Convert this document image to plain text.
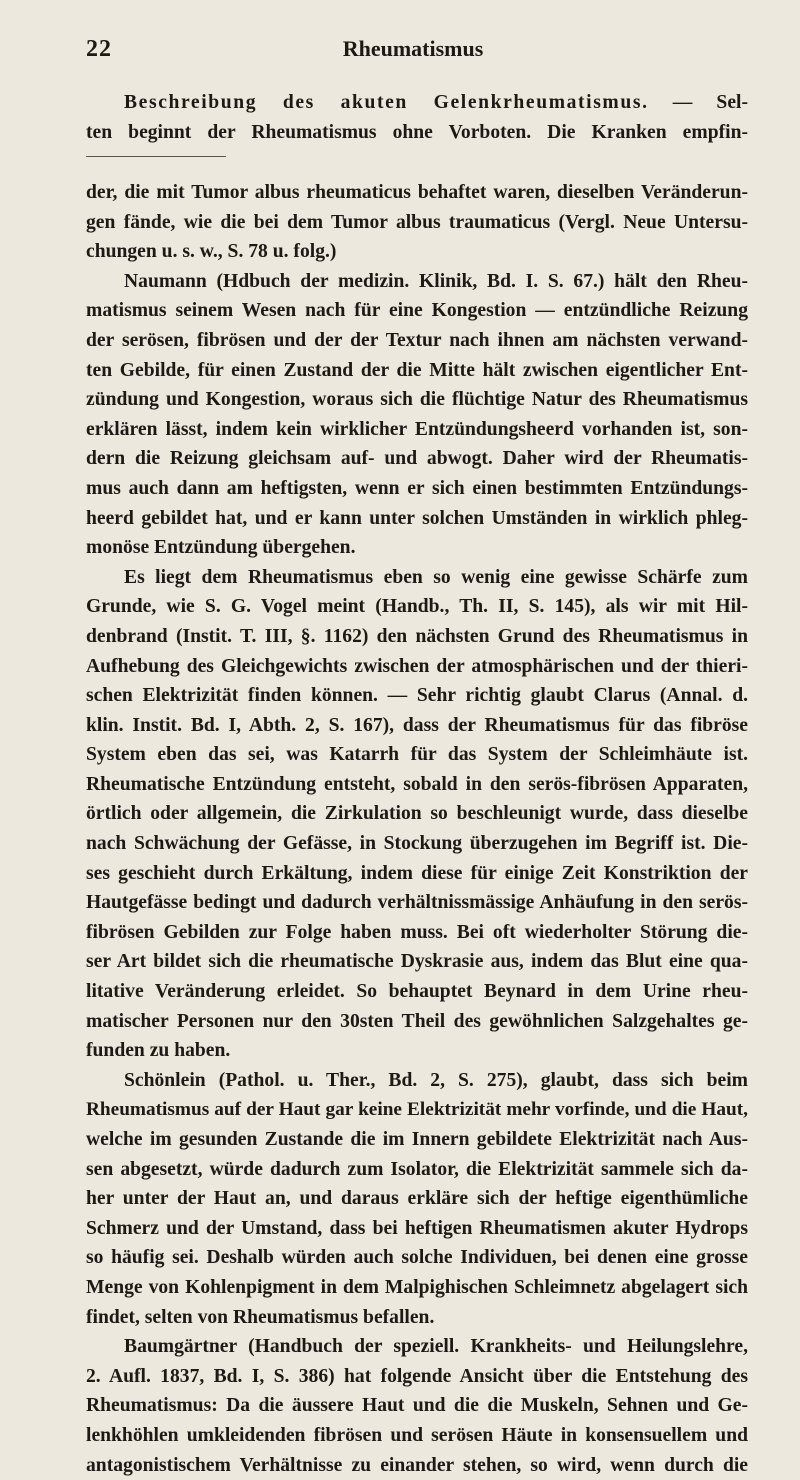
22	Rheumatismus
Beschreibung des akuten Gelenkrheumatismus. — Sel-
ten beginnt der Rheumatismus ohne Vorboten. Die Kranken empfin-
der, die mit Tumor albus rheumaticus behaftet waren, dieselben Veränderun-
gen fände, wie die bei dem Tumor albus traumaticus (Vergl. Neue Untersu-
chungen u. s. w., S. 78 u. folg.)
Naumann (Hdbuch der medizin. Klinik, Bd. I. S. 67.) hält den Rheu-
matismus seinem Wesen nach für eine Kongestion — entzündliche Reizung
der serösen, fibrösen und der der Textur nach ihnen am nächsten verwand-
ten Gebilde, für einen Zustand der die Mitte hält zwischen eigentlicher Ent-
zündung und Kongestion, woraus sich die flüchtige Natur des Rheumatismus
erklären lässt, indem kein wirklicher Entzündungsheerd vorhanden ist, son-
dern die Reizung gleichsam auf- und abwogt. Daher wird der Rheumatis-
mus auch dann am heftigsten, wenn er sich einen bestimmten Entzündungs-
heerd gebildet hat, und er kann unter solchen Umständen in wirklich phleg-
monöse Entzündung übergehen.
Es liegt dem Rheumatismus eben so wenig eine gewisse Schärfe zum
Grunde, wie S. G. Vogel meint (Handb., Th. II, S. 145), als wir mit Hil-
denbrand (Instit. T. III, §. 1162) den nächsten Grund des Rheumatismus in
Aufhebung des Gleichgewichts zwischen der atmosphärischen und der thieri-
schen Elektrizität finden können. — Sehr richtig glaubt Clarus (Annal. d.
klin. Instit. Bd. I, Abth. 2, S. 167), dass der Rheumatismus für das fibröse
System eben das sei, was Katarrh für das System der Schleimhäute ist.
Rheumatische Entzündung entsteht, sobald in den serös-fibrösen Apparaten,
örtlich oder allgemein, die Zirkulation so beschleunigt wurde, dass dieselbe
nach Schwächung der Gefässe, in Stockung überzugehen im Begriff ist. Die-
ses geschieht durch Erkältung, indem diese für einige Zeit Konstriktion der
Hautgefässe bedingt und dadurch verhältnissmässige Anhäufung in den serös-
fibrösen Gebilden zur Folge haben muss. Bei oft wiederholter Störung die-
ser Art bildet sich die rheumatische Dyskrasie aus, indem das Blut eine qua-
litative Veränderung erleidet. So behauptet Beynard in dem Urine rheu-
matischer Personen nur den 30sten Theil des gewöhnlichen Salzgehaltes ge-
funden zu haben.
Schönlein (Pathol. u. Ther., Bd. 2, S. 275), glaubt, dass sich beim
Rheumatismus auf der Haut gar keine Elektrizität mehr vorfinde, und die Haut,
welche im gesunden Zustande die im Innern gebildete Elektrizität nach Aus-
sen abgesetzt, würde dadurch zum Isolator, die Elektrizität sammele sich da-
her unter der Haut an, und daraus erkläre sich der heftige eigenthümliche
Schmerz und der Umstand, dass bei heftigen Rheumatismen akuter Hydrops
so häufig sei. Deshalb würden auch solche Individuen, bei denen eine grosse
Menge von Kohlenpigment in dem Malpighischen Schleimnetz abgelagert sich
findet, selten von Rheumatismus befallen.
Baumgärtner (Handbuch der speziell. Krankheits- und Heilungslehre,
2. Aufl. 1837, Bd. I, S. 386) hat folgende Ansicht über die Entstehung des
Rheumatismus: Da die äussere Haut und die die Muskeln, Sehnen und Ge-
lenkhöhlen umkleidenden fibrösen und serösen Häute in konsensuellem und
antagonistischem Verhältnisse zu einander stehen, so wird, wenn durch die
